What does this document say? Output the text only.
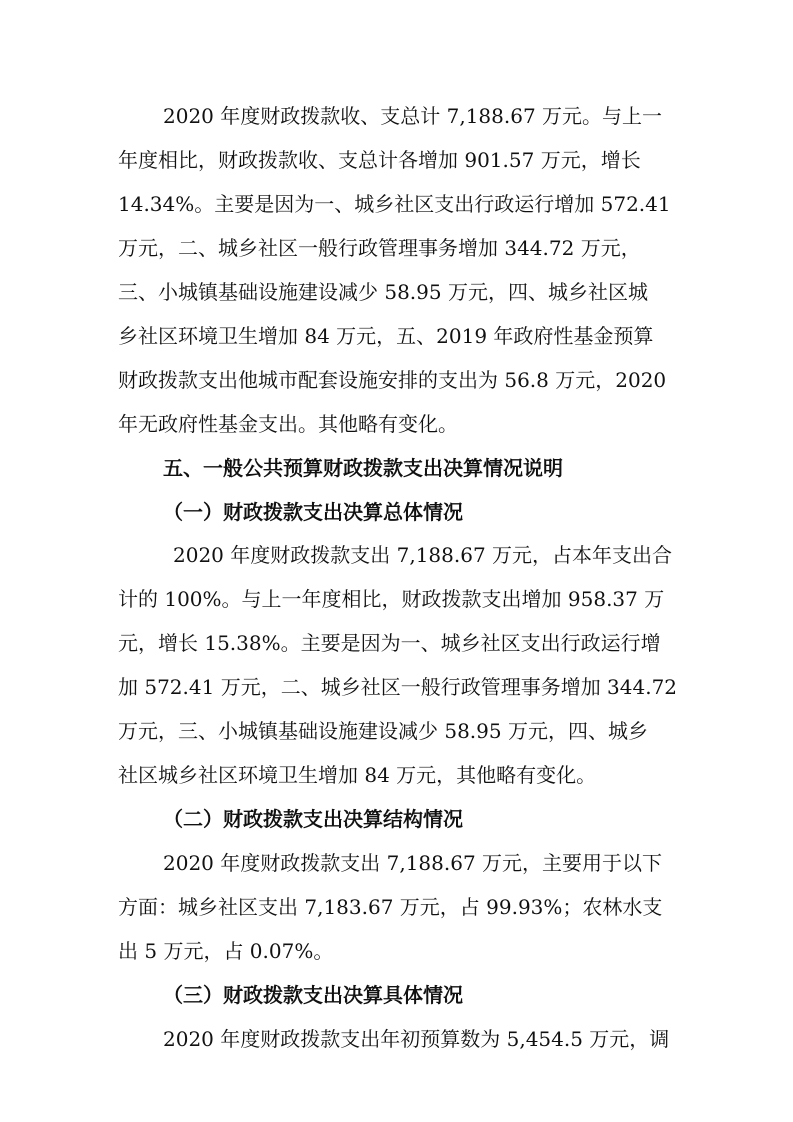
2020 年度财政拨款收、支总计 7,188.67 万元。与上一
年度相比，财政拨款收、支总计各增加 901.57 万元，增长
14.34%。主要是因为一、城乡社区支出行政运行增加 572.41
万元，二、城乡社区一般行政管理事务增加 344.72 万元，
三、小城镇基础设施建设减少 58.95 万元，四、城乡社区城
乡社区环境卫生增加 84 万元，五、2019 年政府性基金预算
财政拨款支出他城市配套设施安排的支出为 56.8 万元，2020
年无政府性基金支出。其他略有变化。
五、一般公共预算财政拨款支出决算情况说明
（一）财政拨款支出决算总体情况
2020 年度财政拨款支出 7,188.67 万元，占本年支出合
计的 100%。与上一年度相比，财政拨款支出增加 958.37 万
元，增长 15.38%。主要是因为一、城乡社区支出行政运行增
加 572.41 万元，二、城乡社区一般行政管理事务增加 344.72
万元，三、小城镇基础设施建设减少 58.95 万元，四、城乡
社区城乡社区环境卫生增加 84 万元，其他略有变化。
（二）财政拨款支出决算结构情况
2020 年度财政拨款支出 7,188.67 万元，主要用于以下
方面：城乡社区支出 7,183.67 万元，占 99.93%；农林水支
出 5 万元，占 0.07%。
（三）财政拨款支出决算具体情况
2020 年度财政拨款支出年初预算数为 5,454.5 万元，调
